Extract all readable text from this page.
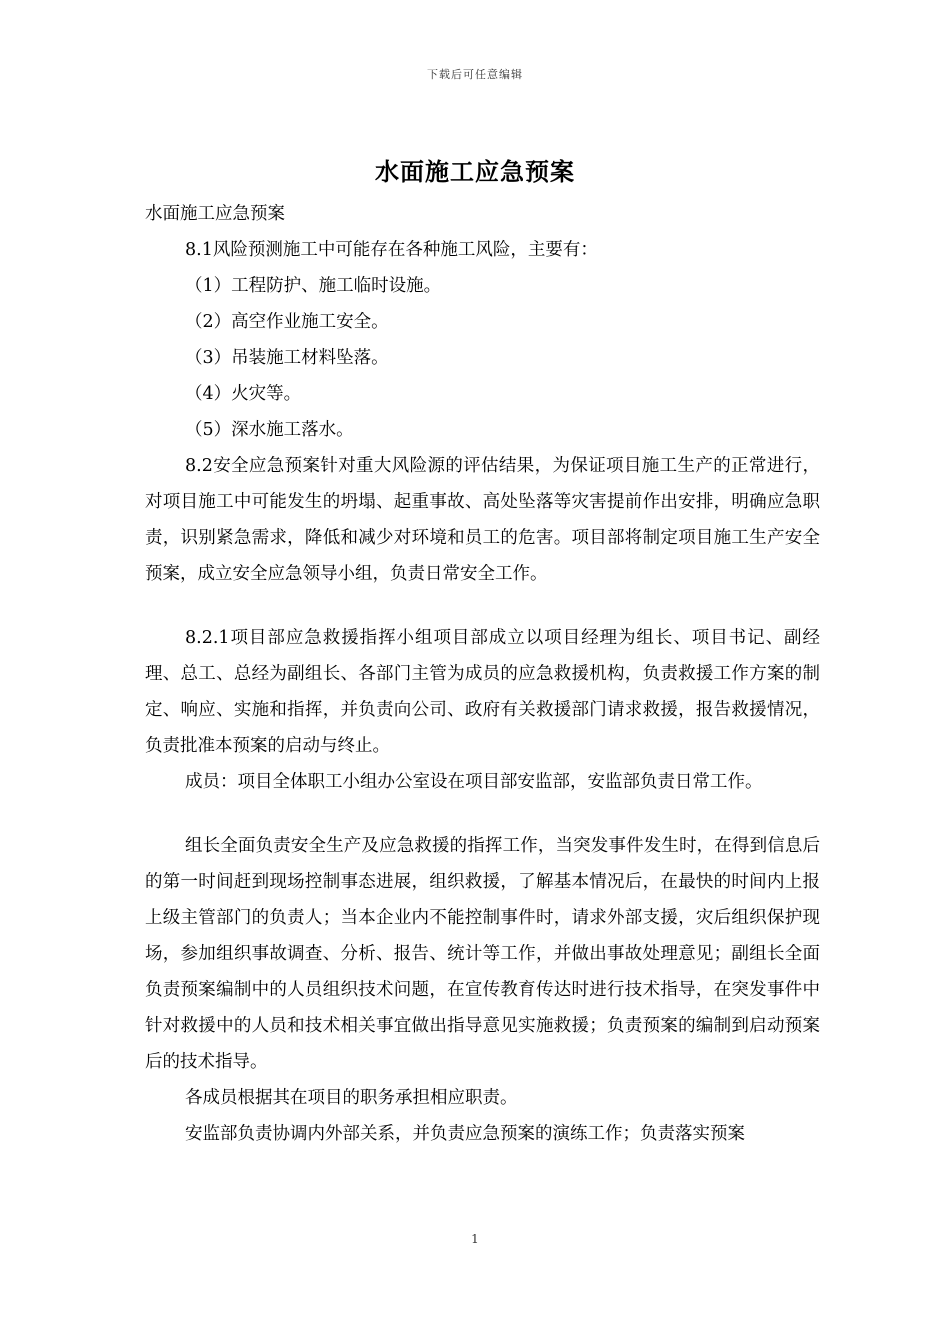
下载后可任意编辑
水面施工应急预案

水面施工应急预案

8.1风险预测施工中可能存在各种施工风险，主要有：

（1）工程防护、施工临时设施。

（2）高空作业施工安全。

（3）吊装施工材料坠落。

（4）火灾等。

（5）深水施工落水。

8.2安全应急预案针对重大风险源的评估结果，为保证项目施工生产的正常进行，对项目施工中可能发生的坍塌、起重事故、高处坠落等灾害提前作出安排，明确应急职责，识别紧急需求，降低和减少对环境和员工的危害。项目部将制定项目施工生产安全预案，成立安全应急领导小组，负责日常安全工作。

8.2.1项目部应急救援指挥小组项目部成立以项目经理为组长、项目书记、副经理、总工、总经为副组长、各部门主管为成员的应急救援机构，负责救援工作方案的制定、响应、实施和指挥，并负责向公司、政府有关救援部门请求救援，报告救援情况，负责批准本预案的启动与终止。

成员：项目全体职工小组办公室设在项目部安监部，安监部负责日常工作。

组长全面负责安全生产及应急救援的指挥工作，当突发事件发生时，在得到信息后的第一时间赶到现场控制事态进展，组织救援，了解基本情况后，在最快的时间内上报上级主管部门的负责人；当本企业内不能控制事件时，请求外部支援，灾后组织保护现场，参加组织事故调查、分析、报告、统计等工作，并做出事故处理意见；副组长全面负责预案编制中的人员组织技术问题，在宣传教育传达时进行技术指导，在突发事件中针对救援中的人员和技术相关事宜做出指导意见实施救援；负责预案的编制到启动预案后的技术指导。

各成员根据其在项目的职务承担相应职责。

安监部负责协调内外部关系，并负责应急预案的演练工作；负责落实预案

1
